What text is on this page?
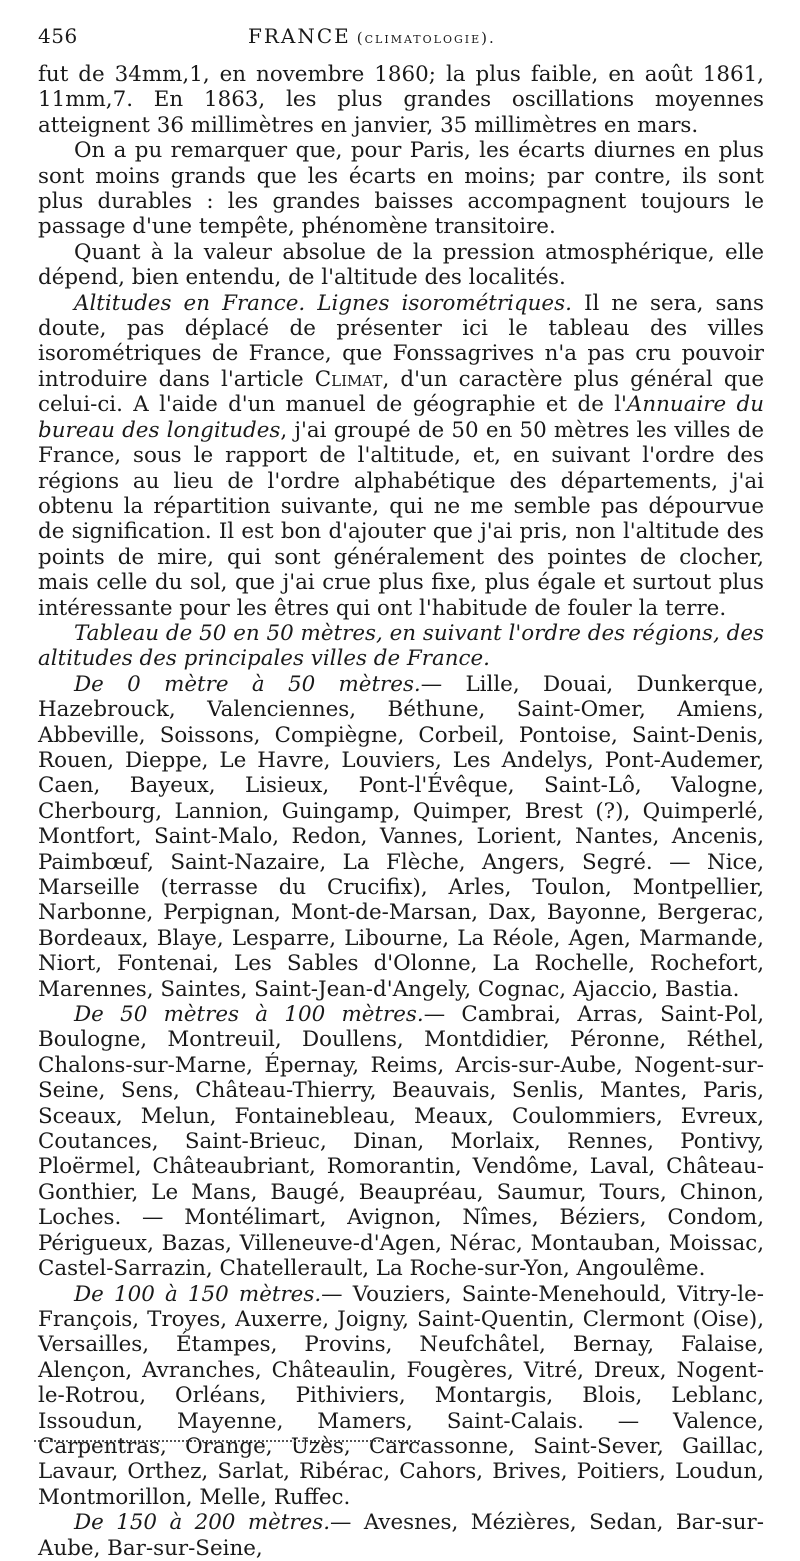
456	FRANCE (climatologie).

fut de 34mm,1, en novembre 1860; la plus faible, en août 1861, 11mm,7. En 1863, les plus grandes oscillations moyennes atteignent 36 millimètres en janvier, 35 millimètres en mars.

On a pu remarquer que, pour Paris, les écarts diurnes en plus sont moins grands que les écarts en moins; par contre, ils sont plus durables : les grandes baisses accompagnent toujours le passage d'une tempête, phénomène transitoire.

Quant à la valeur absolue de la pression atmosphérique, elle dépend, bien entendu, de l'altitude des localités.

Altitudes en France. Lignes isorométriques. Il ne sera, sans doute, pas déplacé de présenter ici le tableau des villes isorométriques de France, que Fonssagrives n'a pas cru pouvoir introduire dans l'article Climat, d'un caractère plus général que celui-ci. A l'aide d'un manuel de géographie et de l'Annuaire du bureau des longitudes, j'ai groupé de 50 en 50 mètres les villes de France, sous le rapport de l'altitude, et, en suivant l'ordre des régions au lieu de l'ordre alphabétique des départements, j'ai obtenu la répartition suivante, qui ne me semble pas dépourvue de signification. Il est bon d'ajouter que j'ai pris, non l'altitude des points de mire, qui sont généralement des pointes de clocher, mais celle du sol, que j'ai crue plus fixe, plus égale et surtout plus intéressante pour les êtres qui ont l'habitude de fouler la terre.

Tableau de 50 en 50 mètres, en suivant l'ordre des régions, des altitudes des principales villes de France.

De 0 mètre à 50 mètres.— Lille, Douai, Dunkerque, Hazebrouck, Valenciennes, Béthune, Saint-Omer, Amiens, Abbeville, Soissons, Compiègne, Corbeil, Pontoise, Saint-Denis, Rouen, Dieppe, Le Havre, Louviers, Les Andelys, Pont-Audemer, Caen, Bayeux, Lisieux, Pont-l'Évêque, Saint-Lô, Valogne, Cherbourg, Lannion, Guingamp, Quimper, Brest (?), Quimperlé, Montfort, Saint-Malo, Redon, Vannes, Lorient, Nantes, Ancenis, Paimbœuf, Saint-Nazaire, La Flèche, Angers, Segré. — Nice, Marseille (terrasse du Crucifix), Arles, Toulon, Montpellier, Narbonne, Perpignan, Mont-de-Marsan, Dax, Bayonne, Bergerac, Bordeaux, Blaye, Lesparre, Libourne, La Réole, Agen, Marmande, Niort, Fontenai, Les Sables d'Olonne, La Rochelle, Rochefort, Marennes, Saintes, Saint-Jean-d'Angely, Cognac, Ajaccio, Bastia.

De 50 mètres à 100 mètres.— Cambrai, Arras, Saint-Pol, Boulogne, Montreuil, Doullens, Montdidier, Péronne, Réthel, Chalons-sur-Marne, Épernay, Reims, Arcis-sur-Aube, Nogent-sur-Seine, Sens, Château-Thierry, Beauvais, Senlis, Mantes, Paris, Sceaux, Melun, Fontainebleau, Meaux, Coulommiers, Evreux, Coutances, Saint-Brieuc, Dinan, Morlaix, Rennes, Pontivy, Ploërmel, Châteaubriant, Romorantin, Vendôme, Laval, Château-Gonthier, Le Mans, Baugé, Beaupréau, Saumur, Tours, Chinon, Loches. — Montélimart, Avignon, Nîmes, Béziers, Condom, Périgueux, Bazas, Villeneuve-d'Agen, Nérac, Montauban, Moissac, Castel-Sarrazin, Chatellerault, La Roche-sur-Yon, Angoulême.

De 100 à 150 mètres.— Vouziers, Sainte-Menehould, Vitry-le-François, Troyes, Auxerre, Joigny, Saint-Quentin, Clermont (Oise), Versailles, Étampes, Provins, Neufchâtel, Bernay, Falaise, Alençon, Avranches, Châteaulin, Fougères, Vitré, Dreux, Nogent-le-Rotrou, Orléans, Pithiviers, Montargis, Blois, Leblanc, Issoudun, Mayenne, Mamers, Saint-Calais. — Valence, Carpentras, Orange, Uzès, Carcassonne, Saint-Sever, Gaillac, Lavaur, Orthez, Sarlat, Ribérac, Cahors, Brives, Poitiers, Loudun, Montmorillon, Melle, Ruffec.

De 150 à 200 mètres.— Avesnes, Mézières, Sedan, Bar-sur-Aube, Bar-sur-Seine,
